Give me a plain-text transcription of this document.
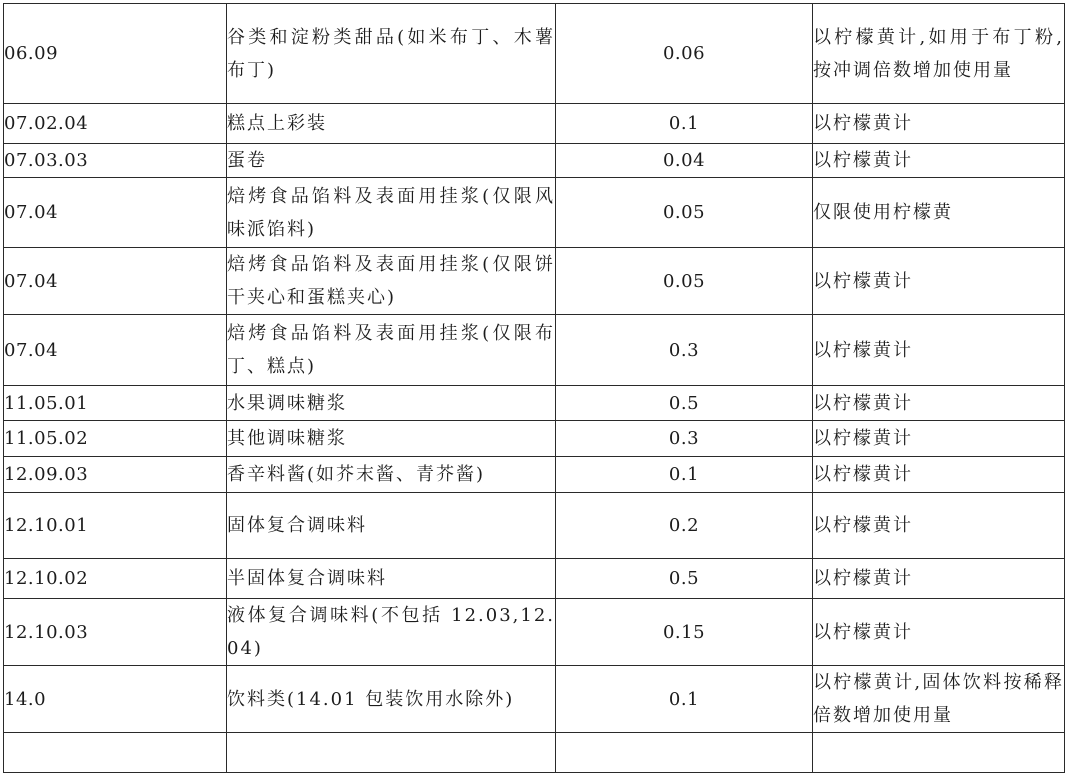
06.09	谷类和淀粉类甜品(如米布丁、木薯布丁)	0.06	以柠檬黄计,如用于布丁粉,按冲调倍数增加使用量
07.02.04	糕点上彩装	0.1	以柠檬黄计
07.03.03	蛋卷	0.04	以柠檬黄计
07.04	焙烤食品馅料及表面用挂浆(仅限风味派馅料)	0.05	仅限使用柠檬黄
07.04	焙烤食品馅料及表面用挂浆(仅限饼干夹心和蛋糕夹心)	0.05	以柠檬黄计
07.04	焙烤食品馅料及表面用挂浆(仅限布丁、糕点)	0.3	以柠檬黄计
11.05.01	水果调味糖浆	0.5	以柠檬黄计
11.05.02	其他调味糖浆	0.3	以柠檬黄计
12.09.03	香辛料酱(如芥末酱、青芥酱)	0.1	以柠檬黄计
12.10.01	固体复合调味料	0.2	以柠檬黄计
12.10.02	半固体复合调味料	0.5	以柠檬黄计
12.10.03	液体复合调味料(不包括 12.03,12.04)	0.15	以柠檬黄计
14.0	饮料类(14.01 包装饮用水除外)	0.1	以柠檬黄计,固体饮料按稀释倍数增加使用量
